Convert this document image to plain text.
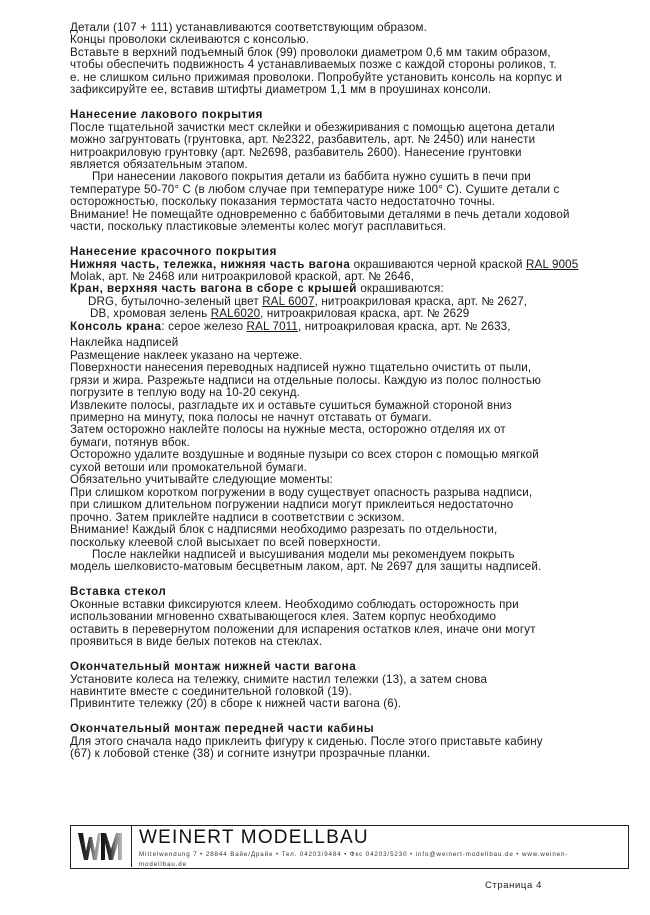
Детали (107 + 111) устанавливаются соответствующим образом.
Концы проволоки склеиваются с консолью.
Вставьте в верхний подъемный блок (99) проволоки диаметром 0,6 мм таким образом,
чтобы обеспечить подвижность 4 устанавливаемых позже с каждой стороны роликов, т.
е. не слишком сильно прижимая проволоки. Попробуйте установить консоль на корпус и
зафиксируйте ее, вставив штифты диаметром 1,1 мм в проушинах консоли.
Нанесение лакового покрытия
После тщательной зачистки мест склейки и обезжиривания с помощью ацетона детали
можно загрунтовать (грунтовка, арт. №2322, разбавитель, арт. № 2450) или нанести
нитроакриловую грунтовку (арт. №2698, разбавитель 2600). Нанесение грунтовки
является обязательным этапом.
При нанесении лакового покрытия детали из баббита нужно сушить в печи при
температуре 50-70° C (в любом случае при температуре ниже 100° C). Сушите детали с
осторожностью, поскольку показания термостата часто недостаточно точны.
Внимание! Не помещайте одновременно с баббитовыми деталями в печь детали ходовой
части, поскольку пластиковые элементы колес могут расплавиться.
Нанесение красочного покрытия
Нижняя часть, тележка, нижняя часть вагона окрашиваются черной краской RAL 9005
Molak, арт. № 2468 или нитроакриловой краской, арт. № 2646,
Кран, верхняя часть вагона в сборе с крышей окрашиваются:
DRG, бутылочно-зеленый цвет RAL 6007, нитроакриловая краска, арт. № 2627,
DB, хромовая зелень RAL6020, нитроакриловая краска, арт. № 2629
Консоль крана: серое железо RAL 7011, нитроакриловая краска, арт. № 2633,
Наклейка надписей
Размещение наклеек указано на чертеже.
Поверхности нанесения переводных надписей нужно тщательно очистить от пыли,
грязи и жира. Разрежьте надписи на отдельные полосы. Каждую из полос полностью
погрузите в теплую воду на 10-20 секунд.
Извлеките полосы, разгладьте их и оставьте сушиться бумажной стороной вниз
примерно на минуту, пока полосы не начнут отставать от бумаги.
Затем осторожно наклейте полосы на нужные места, осторожно отделяя их от
бумаги, потянув вбок.
Осторожно удалите воздушные и водяные пузыри со всех сторон с помощью мягкой
сухой ветоши или промокательной бумаги.
Обязательно учитывайте следующие моменты:
При слишком коротком погружении в воду существует опасность разрыва надписи,
при слишком длительном погружении надписи могут приклеиться недостаточно
прочно. Затем приклейте надписи в соответствии с эскизом.
Внимание! Каждый блок с надписями необходимо разрезать по отдельности,
поскольку клеевой слой высыхает по всей поверхности.
После наклейки надписей и высушивания модели мы рекомендуем покрыть
модель шелковисто-матовым бесцветным лаком, арт. № 2697 для защиты надписей.
Вставка стекол
Оконные вставки фиксируются клеем. Необходимо соблюдать осторожность при
использовании мгновенно схватывающегося клея. Затем корпус необходимо
оставить в перевернутом положении для испарения остатков клея, иначе они могут
проявиться в виде белых потеков на стеклах.
Окончательный монтаж нижней части вагона
Установите колеса на тележку, снимите настил тележки (13), а затем снова
навинтите вместе с соединительной головкой (19).
Привинтите тележку (20) в сборе к нижней части вагона (6).
Окончательный монтаж передней части кабины
Для этого сначала надо приклеить фигуру к сиденью. После этого приставьте кабину
(67) к лобовой стенке (38) и согните изнутри прозрачные планки.
WEINERT MODELLBAU
Mittelwendung 7 • 28844 Вайе/Драйе • Тел. 04203/9484 • Фкс 04203/5230 • info@weinert-modellbau.de • www.weinen-
modellbau.de
Страница 4
